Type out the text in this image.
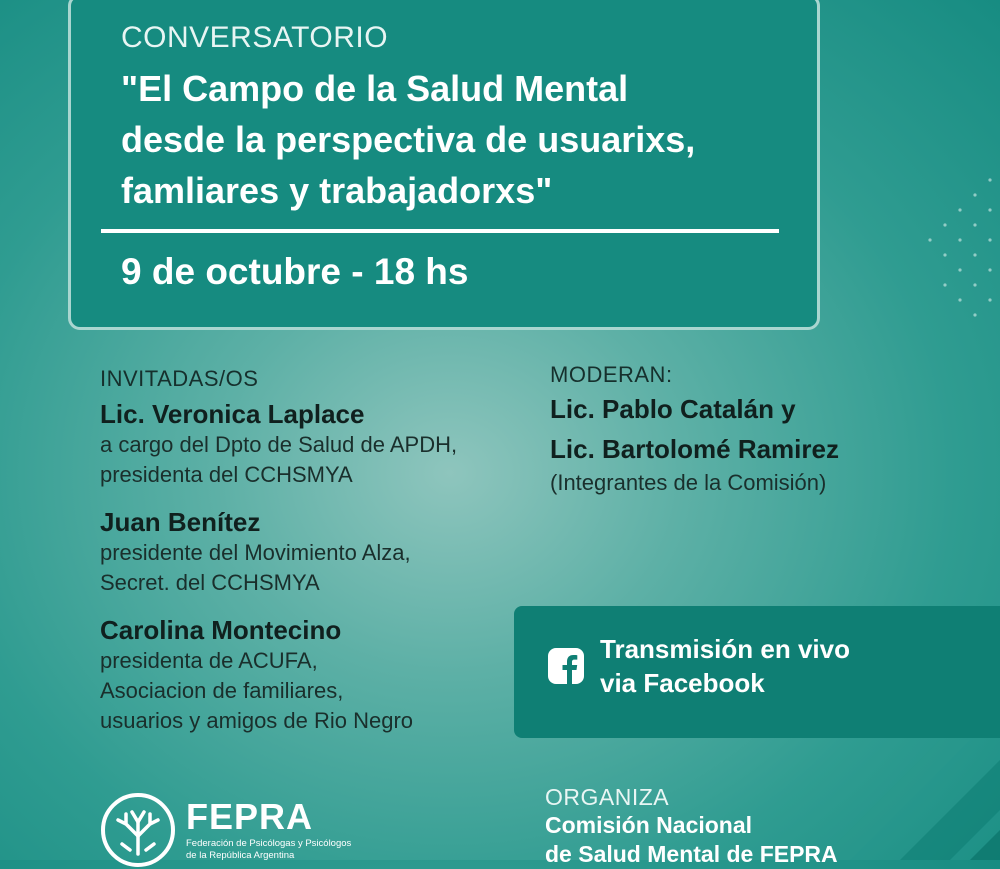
CONVERSATORIO
"El Campo de la Salud Mental
desde la perspectiva de usuarixs,
famliares y trabajadorxs"
9 de octubre - 18 hs
INVITADAS/OS
Lic. Veronica Laplace
a cargo del Dpto de Salud de APDH,
presidenta del CCHSMYA
Juan Benítez
presidente del Movimiento Alza,
Secret. del CCHSMYA
Carolina Montecino
presidenta de ACUFA,
Asociacion de familiares,
usuarios y amigos de Rio Negro
MODERAN:
Lic. Pablo Catalán y
Lic. Bartolomé Ramirez
(Integrantes de la Comisión)
Transmisión en vivo
via Facebook
FEPRA
Federación de Psicólogas y Psicólogos
de la República Argentina
ORGANIZA
Comisión Nacional
de Salud Mental de FEPRA
